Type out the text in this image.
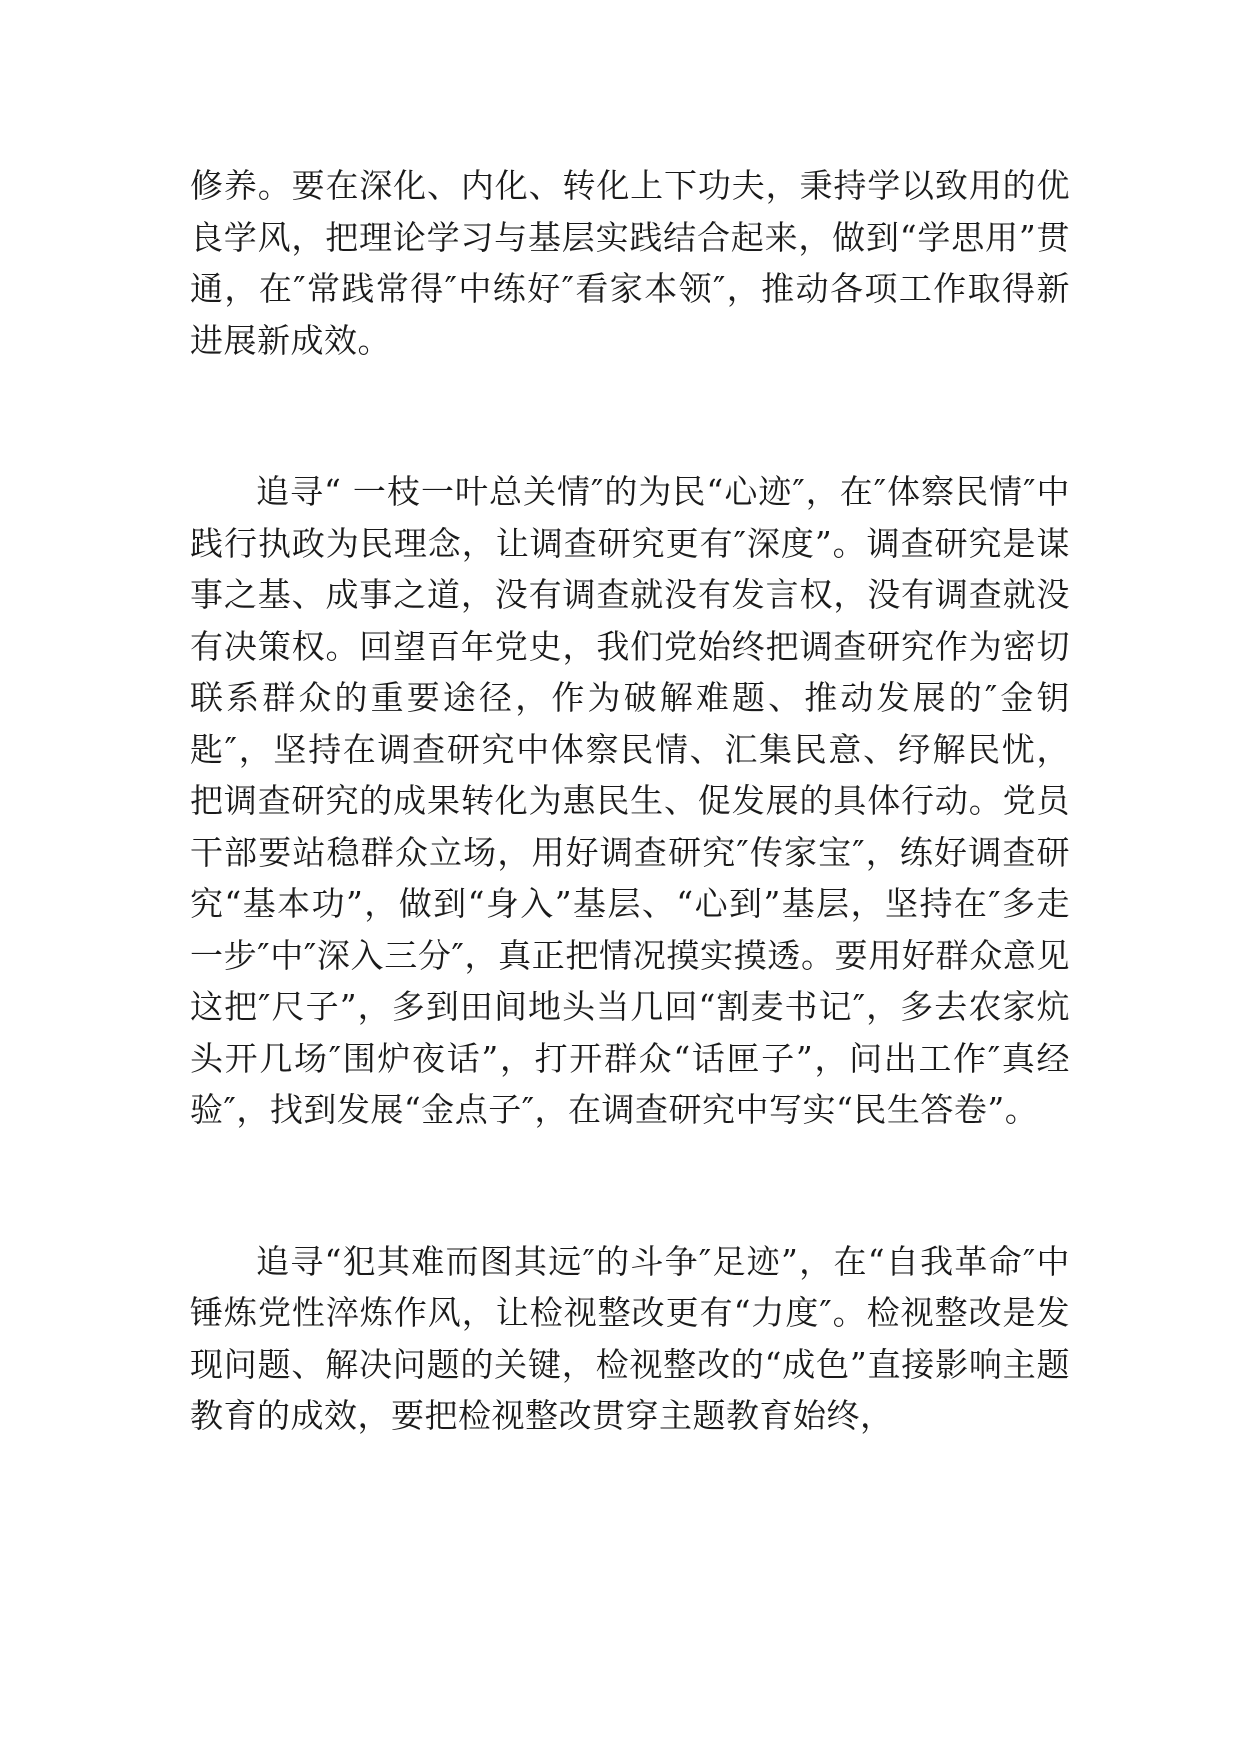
修养。要在深化、内化、转化上下功夫，秉持学以致用的优良学风，把理论学习与基层实践结合起来，做到“学思用”贯通，在″常践常得″中练好″看家本领″，推动各项工作取得新进展新成效。

追寻“ 一枝一叶总关情″的为民“心迹″，在″体察民情″中践行执政为民理念，让调查研究更有″深度”。调查研究是谋事之基、成事之道，没有调查就没有发言权，没有调查就没有决策权。回望百年党史，我们党始终把调查研究作为密切联系群众的重要途径，作为破解难题、推动发展的″金钥匙″，坚持在调查研究中体察民情、汇集民意、纾解民忧，把调查研究的成果转化为惠民生、促发展的具体行动。党员干部要站稳群众立场，用好调查研究″传家宝″，练好调查研究“基本功”，做到“身入”基层、“心到”基层，坚持在″多走一步″中″深入三分″，真正把情况摸实摸透。要用好群众意见这把″尺子”，多到田间地头当几回“割麦书记″，多去农家炕头开几场″围炉夜话”，打开群众“话匣子”，问出工作″真经验″，找到发展“金点子″，在调查研究中写实“民生答卷”。

追寻“犯其难而图其远″的斗争″足迹”，在“自我革命″中锤炼党性淬炼作风，让检视整改更有“力度″。检视整改是发现问题、解决问题的关键，检视整改的“成色”直接影响主题教育的成效，要把检视整改贯穿主题教育始终，
